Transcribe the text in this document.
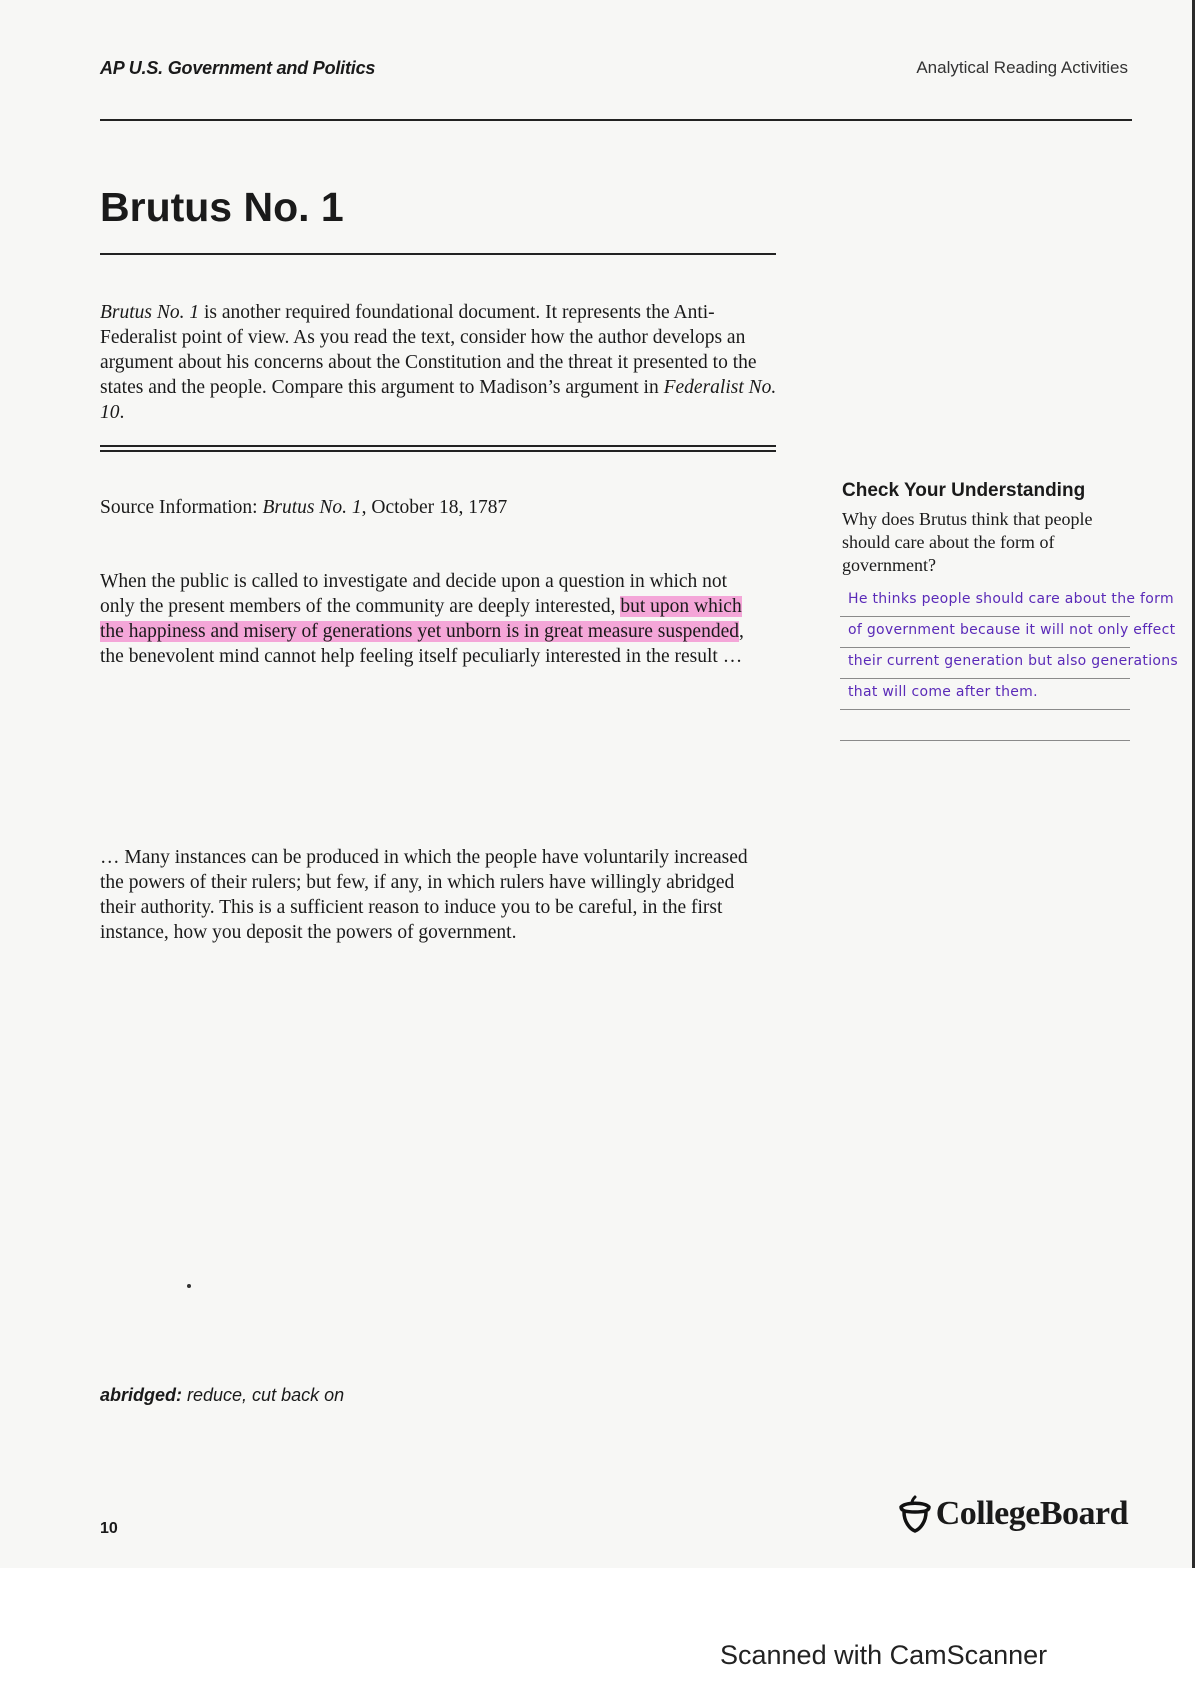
AP U.S. Government and Politics	Analytical Reading Activities
Brutus No. 1
Brutus No. 1 is another required foundational document. It represents the Anti-Federalist point of view. As you read the text, consider how the author develops an argument about his concerns about the Constitution and the threat it presented to the states and the people. Compare this argument to Madison’s argument in Federalist No. 10.
Source Information: Brutus No. 1, October 18, 1787
When the public is called to investigate and decide upon a question in which not only the present members of the community are deeply interested, but upon which the happiness and misery of generations yet unborn is in great measure suspended, the benevolent mind cannot help feeling itself peculiarly interested in the result …
… Many instances can be produced in which the people have voluntarily increased the powers of their rulers; but few, if any, in which rulers have willingly abridged their authority. This is a sufficient reason to induce you to be careful, in the first instance, how you deposit the powers of government.
Check Your Understanding
Why does Brutus think that people should care about the form of government?
He thinks people should care about the form
of government because it will not only effect
their current generation but also generations
that will come after them.
abridged: reduce, cut back on
10	CollegeBoard
Scanned with CamScanner
